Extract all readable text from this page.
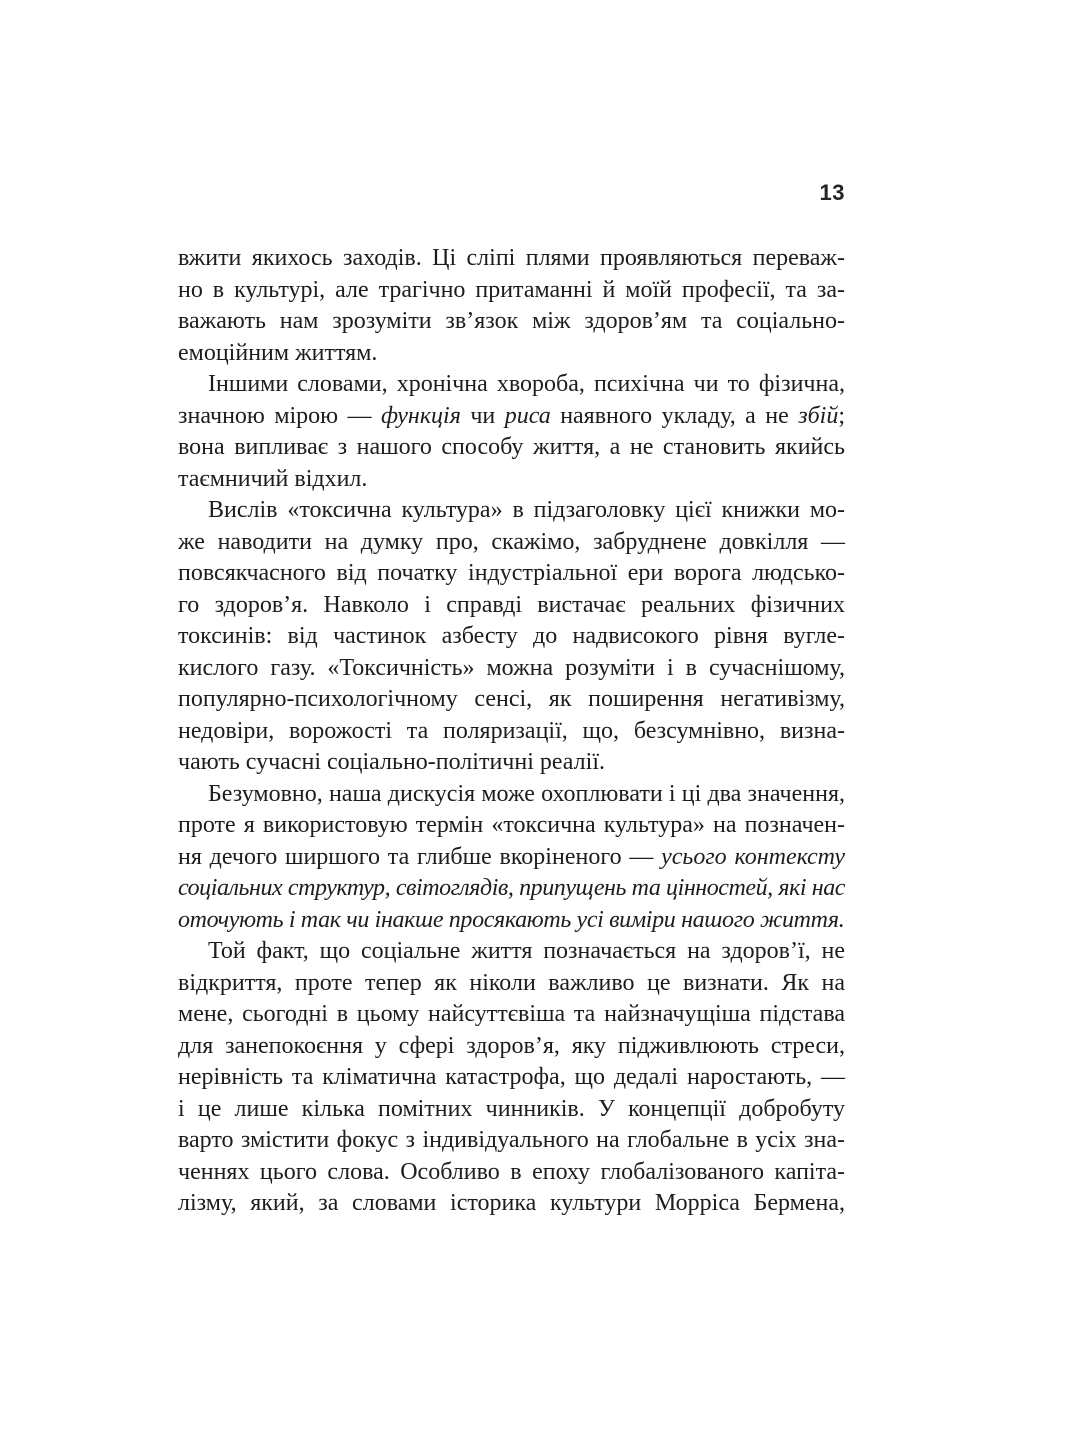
13
вжити якихось заходів. Ці сліпі плями проявляються переваж-
но в культурі, але трагічно притаманні й моїй професії, та за-
важають нам зрозуміти зв’язок між здоров’ям та соціально-
емоційним життям.
Іншими словами, хронічна хвороба, психічна чи то фізична,
значною мірою — функція чи риса наявного укладу, а не збій;
вона випливає з нашого способу життя, а не становить якийсь
таємничий відхил.
Вислів «токсична культура» в підзаголовку цієї книжки мо-
же наводити на думку про, скажімо, забруднене довкілля —
повсякчасного від початку індустріальної ери ворога людсько-
го здоров’я. Навколо і справді вистачає реальних фізичних
токсинів: від частинок азбесту до надвисокого рівня вугле-
кислого газу. «Токсичність» можна розуміти і в сучаснішому,
популярно-психологічному сенсі, як поширення негативізму,
недовіри, ворожості та поляризації, що, безсумнівно, визна-
чають сучасні соціально-політичні реалії.
Безумовно, наша дискусія може охоплювати і ці два значення,
проте я використовую термін «токсична культура» на позначен-
ня дечого ширшого та глибше вкоріненого — усього контексту
соціальних структур, світоглядів, припущень та цінностей, які нас
оточують і так чи інакше просякають усі виміри нашого життя.
Той факт, що соціальне життя позначається на здоров’ї, не
відкриття, проте тепер як ніколи важливо це визнати. Як на
мене, сьогодні в цьому найсуттєвіша та найзначущіша підстава
для занепокоєння у сфері здоров’я, яку підживлюють стреси,
нерівність та кліматична катастрофа, що дедалі наростають, —
і це лише кілька помітних чинників. У концепції добробуту
варто змістити фокус з індивідуального на глобальне в усіх зна-
ченнях цього слова. Особливо в епоху глобалізованого капіта-
лізму, який, за словами історика культури Морріса Бермена,
